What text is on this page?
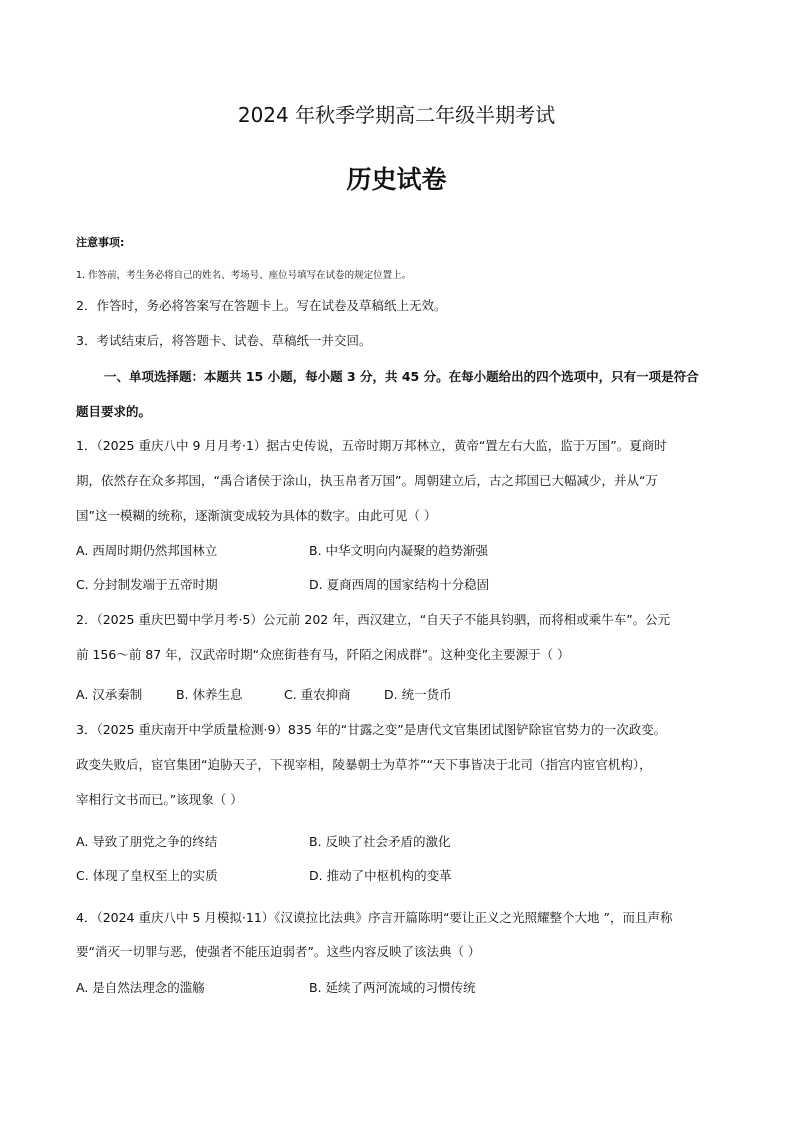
2024 年秋季学期高二年级半期考试
历史试卷
注意事项:
1. 作答前，考生务必将自己的姓名、考场号、座位号填写在试卷的规定位置上。
2．作答时，务必将答案写在答题卡上。写在试卷及草稿纸上无效。
3．考试结束后，将答题卡、试卷、草稿纸一并交回。
一、单项选择题：本题共 15 小题，每小题 3 分，共 45 分。在每小题给出的四个选项中，只有一项是符合
题目要求的。
1．（2025 重庆八中 9 月月考·1）据古史传说，五帝时期万邦林立，黄帝“置左右大监，监于万国”。夏商时
期，依然存在众多邦国，“禹合诸侯于涂山，执玉帛者万国”。周朝建立后，古之邦国已大幅减少，并从“万
国”这一模糊的统称，逐渐演变成较为具体的数字。由此可见（ ）
A. 西周时期仍然邦国林立	B. 中华文明向内凝聚的趋势渐强
C. 分封制发端于五帝时期	D. 夏商西周的国家结构十分稳固
2．（2025 重庆巴蜀中学月考·5）公元前 202 年，西汉建立，“自天子不能具钧驷，而将相或乘牛车”。公元
前 156～前 87 年，汉武帝时期“众庶街巷有马，阡陌之闲成群”。这种变化主要源于（ ）
A. 汉承秦制	B. 休养生息	C. 重农抑商	D. 统一货币
3．（2025 重庆南开中学质量检测·9）835 年的“甘露之变”是唐代文官集团试图铲除宦官势力的一次政变。
政变失败后，宦官集团“迫胁天子，下视宰相，陵暴朝士为草芥”“天下事皆决于北司（指宫内宦官机构），
宰相行文书而已。”该现象（ ）
A. 导致了朋党之争的终结	B. 反映了社会矛盾的激化
C. 体现了皇权至上的实质	D. 推动了中枢机构的变革
4．（2024 重庆八中 5 月模拟·11）《汉谟拉比法典》序言开篇陈明“要让正义之光照耀整个大地 ”，而且声称
要“消灭一切罪与恶，使强者不能压迫弱者”。这些内容反映了该法典（ ）
A. 是自然法理念的滥觞	B. 延续了两河流域的习惯传统
